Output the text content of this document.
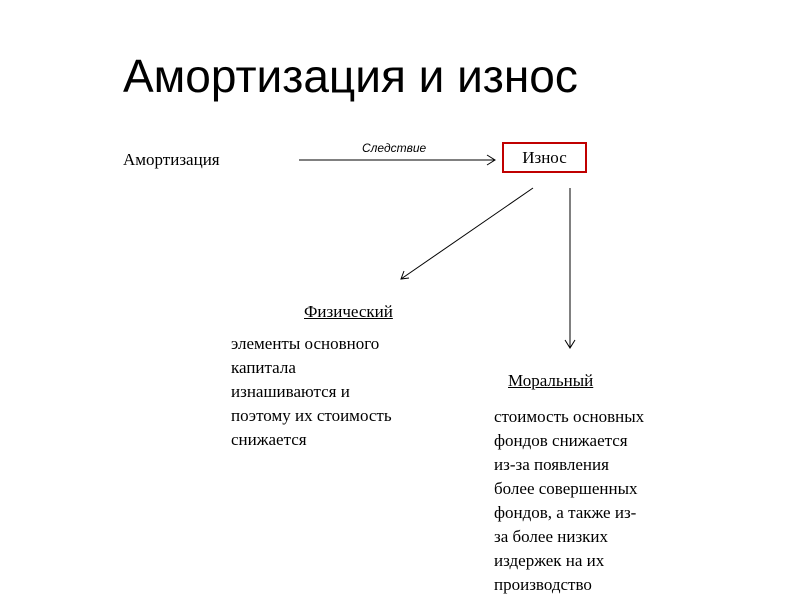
Амортизация и износ
Амортизация
Следствие	Износ
Физический
элементы основного
капитала
изнашиваются и
поэтому их стоимость
снижается
Моральный
стоимость основных
фондов снижается
из-за появления
более совершенных
фондов, а также из-
за более низких
издержек на их
производство
